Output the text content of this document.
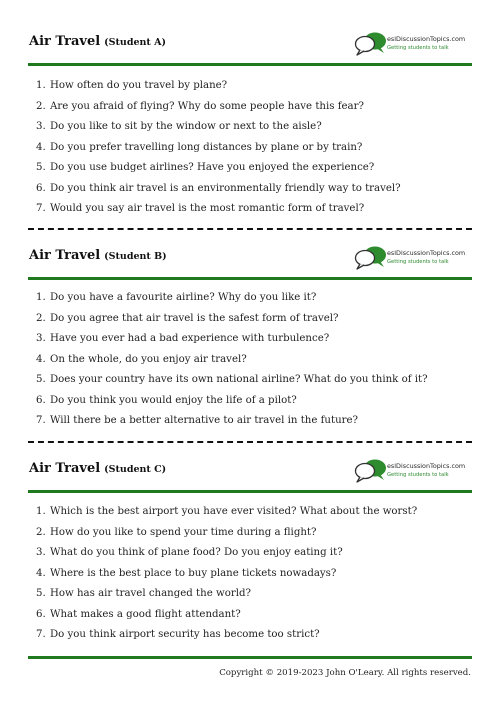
Air Travel (Student A)	eslDiscussionTopics.com
Getting students to talk
1. How often do you travel by plane?
2. Are you afraid of flying? Why do some people have this fear?
3. Do you like to sit by the window or next to the aisle?
4. Do you prefer travelling long distances by plane or by train?
5. Do you use budget airlines? Have you enjoyed the experience?
6. Do you think air travel is an environmentally friendly way to travel?
7. Would you say air travel is the most romantic form of travel?
Air Travel (Student B)	eslDiscussionTopics.com
Getting students to talk
1. Do you have a favourite airline? Why do you like it?
2. Do you agree that air travel is the safest form of travel?
3. Have you ever had a bad experience with turbulence?
4. On the whole, do you enjoy air travel?
5. Does your country have its own national airline? What do you think of it?
6. Do you think you would enjoy the life of a pilot?
7. Will there be a better alternative to air travel in the future?
Air Travel (Student C)	eslDiscussionTopics.com
Getting students to talk
1. Which is the best airport you have ever visited? What about the worst?
2. How do you like to spend your time during a flight?
3. What do you think of plane food? Do you enjoy eating it?
4. Where is the best place to buy plane tickets nowadays?
5. How has air travel changed the world?
6. What makes a good flight attendant?
7. Do you think airport security has become too strict?
Copyright © 2019-2023 John O'Leary. All rights reserved.
